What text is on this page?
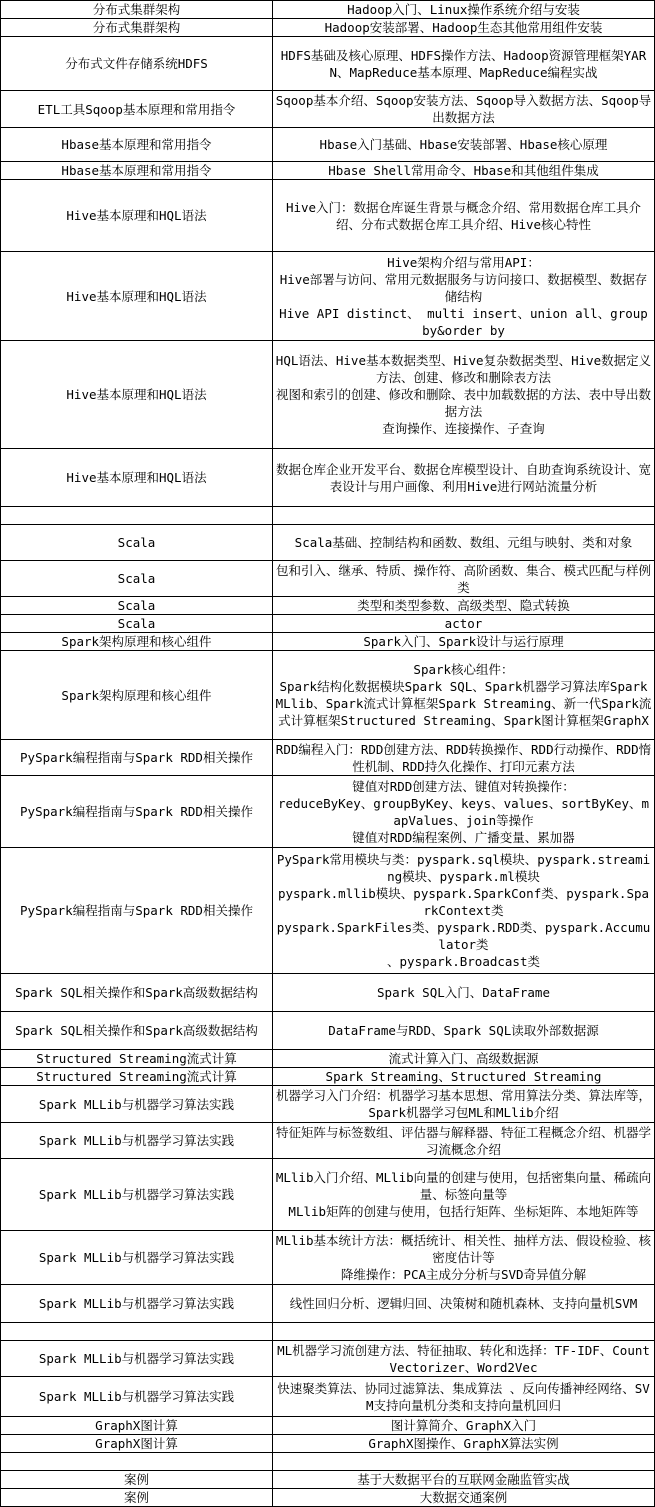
分布式集群架构	Hadoop入门、Linux操作系统介绍与安装
分布式集群架构	Hadoop安装部署、Hadoop生态其他常用组件安装
分布式文件存储系统HDFS	HDFS基础及核心原理、HDFS操作方法、Hadoop资源管理框架YARN、MapReduce基本原理、MapReduce编程实战
ETL工具Sqoop基本原理和常用指令	Sqoop基本介绍、Sqoop安装方法、Sqoop导入数据方法、Sqoop导出数据方法
Hbase基本原理和常用指令	Hbase入门基础、Hbase安装部署、Hbase核心原理
Hbase基本原理和常用指令	Hbase Shell常用命令、Hbase和其他组件集成
Hive基本原理和HQL语法	Hive入门：数据仓库诞生背景与概念介绍、常用数据仓库工具介绍、分布式数据仓库工具介绍、Hive核心特性
Hive基本原理和HQL语法	Hive架构介绍与常用API：
Hive部署与访问、常用元数据服务与访问接口、数据模型、数据存储结构
Hive API distinct、 multi insert、union all、group by&order by
Hive基本原理和HQL语法	HQL语法、Hive基本数据类型、Hive复杂数据类型、Hive数据定义方法、创建、修改和删除表方法
视图和索引的创建、修改和删除、表中加载数据的方法、表中导出数据方法
查询操作、连接操作、子查询
Hive基本原理和HQL语法	数据仓库企业开发平台、数据仓库模型设计、自助查询系统设计、宽表设计与用户画像、利用Hive进行网站流量分析

Scala	Scala基础、控制结构和函数、数组、元组与映射、类和对象
Scala	包和引入、继承、特质、操作符、高阶函数、集合、模式匹配与样例类
Scala	类型和类型参数、高级类型、隐式转换
Scala	actor
Spark架构原理和核心组件	Spark入门、Spark设计与运行原理
Spark架构原理和核心组件	Spark核心组件：
Spark结构化数据模块Spark SQL、Spark机器学习算法库Spark MLlib、Spark流式计算框架Spark Streaming、新一代Spark流式计算框架Structured Streaming、Spark图计算框架GraphX
PySpark编程指南与Spark RDD相关操作	RDD编程入门：RDD创建方法、RDD转换操作、RDD行动操作、RDD惰性机制、RDD持久化操作、打印元素方法
PySpark编程指南与Spark RDD相关操作	键值对RDD创建方法、键值对转换操作：
reduceByKey、groupByKey、keys、values、sortByKey、mapValues、join等操作
键值对RDD编程案例、广播变量、累加器
PySpark编程指南与Spark RDD相关操作	PySpark常用模块与类：pyspark.sql模块、pyspark.streaming模块、pyspark.ml模块
pyspark.mllib模块、pyspark.SparkConf类、pyspark.SparkContext类
pyspark.SparkFiles类、pyspark.RDD类、pyspark.Accumulator类
、pyspark.Broadcast类
Spark SQL相关操作和Spark高级数据结构	Spark SQL入门、DataFrame
Spark SQL相关操作和Spark高级数据结构	DataFrame与RDD、Spark SQL读取外部数据源
Structured Streaming流式计算	流式计算入门、高级数据源
Structured Streaming流式计算	Spark Streaming、Structured Streaming
Spark MLLib与机器学习算法实践	机器学习入门介绍：机器学习基本思想、常用算法分类、算法库等，Spark机器学习包ML和MLlib介绍
Spark MLLib与机器学习算法实践	特征矩阵与标签数组、评估器与解释器、特征工程概念介绍、机器学习流概念介绍
Spark MLLib与机器学习算法实践	MLlib入门介绍、MLlib向量的创建与使用，包括密集向量、稀疏向量、标签向量等
MLlib矩阵的创建与使用，包括行矩阵、坐标矩阵、本地矩阵等
Spark MLLib与机器学习算法实践	MLlib基本统计方法：概括统计、相关性、抽样方法、假设检验、核密度估计等
降维操作：PCA主成分分析与SVD奇异值分解
Spark MLLib与机器学习算法实践	线性回归分析、逻辑归回、决策树和随机森林、支持向量机SVM

Spark MLLib与机器学习算法实践	ML机器学习流创建方法、特征抽取、转化和选择：TF-IDF、CountVectorizer、Word2Vec
Spark MLLib与机器学习算法实践	快速聚类算法、协同过滤算法、集成算法 、反向传播神经网络、SVM支持向量机分类和支持向量机回归
GraphX图计算	图计算简介、GraphX入门
GraphX图计算	GraphX图操作、GraphX算法实例

案例	基于大数据平台的互联网金融监管实战
案例	大数据交通案例
